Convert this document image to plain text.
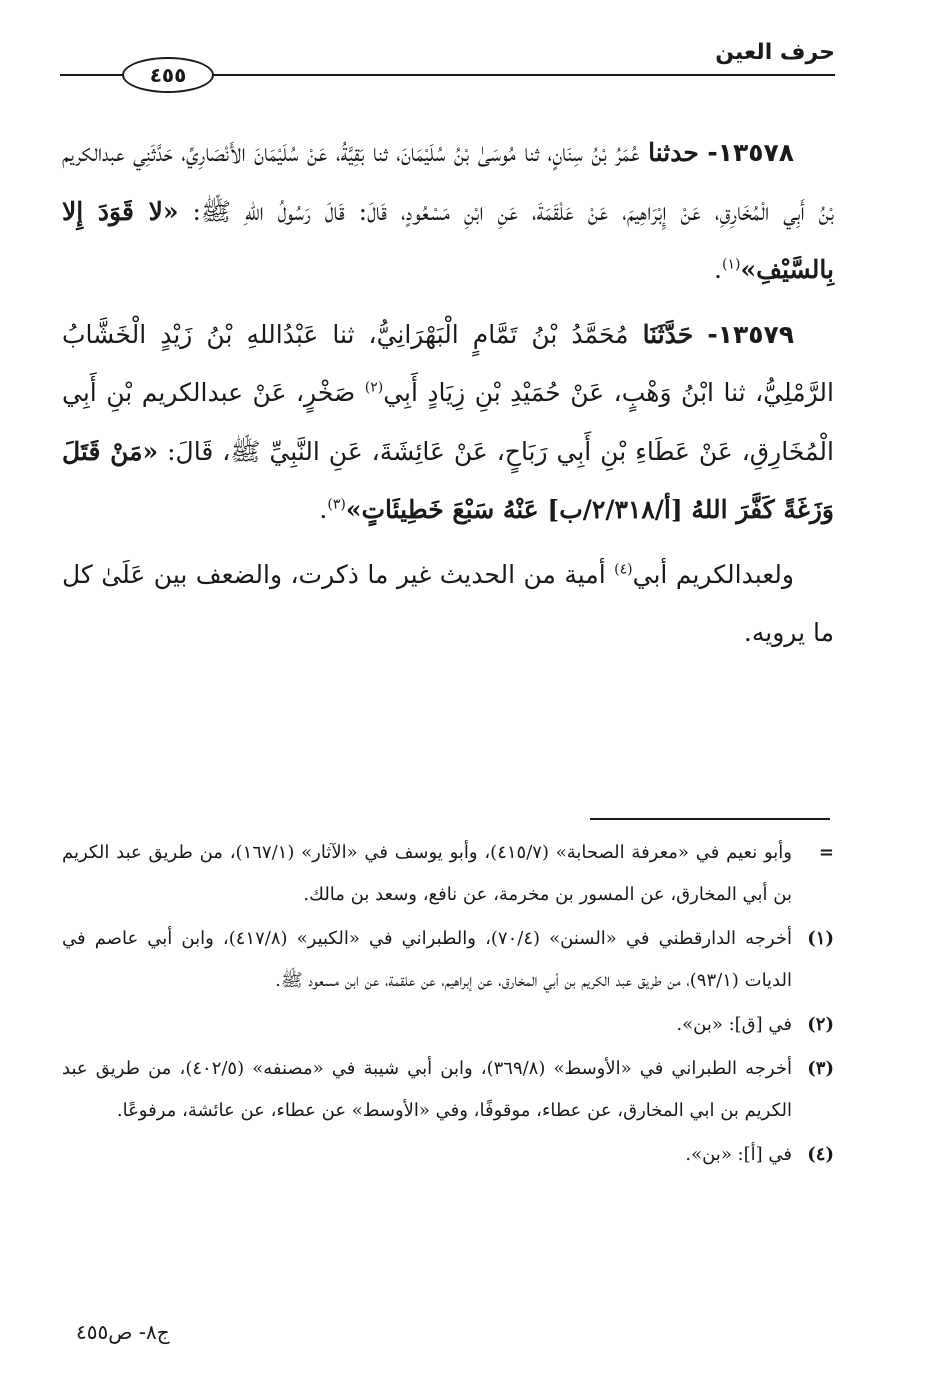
حرف العين
٤٥٥

١٣٥٧٨- حدثنا عُمَرُ بْنُ سِنَانٍ، ثنا مُوسَىٰ بْنُ سُلَيْمَانَ، ثنا بَقِيَّةُ، عَنْ سُلَيْمَانَ الأَنْصَارِيِّ، حَدَّثَنِي عبدالكريم بْنُ أَبِي الْمُخَارِقِ، عَنْ إِبْرَاهِيمَ، عَنْ عَلْقَمَةَ، عَنِ ابْنِ مَسْعُودٍ، قَالَ: قَالَ رَسُولُ اللهِ ﷺ: «لا قَوَدَ إِلا بِالسَّيْفِ»$^{(١)}$.

١٣٥٧٩- حَدَّثَنَا مُحَمَّدُ بْنُ تَمَّامٍ الْبَهْرَانِيُّ، ثنا عَبْدُاللهِ بْنُ زَيْدٍ الْخَشَّابُ الرَّمْلِيُّ، ثنا ابْنُ وَهْبٍ، عَنْ حُمَيْدِ بْنِ زِيَادٍ أَبِي$^{(٢)}$ صَخْرٍ، عَنْ عبدالكريم بْنِ أَبِي الْمُخَارِقِ، عَنْ عَطَاءِ بْنِ أَبِي رَبَاحٍ، عَنْ عَائِشَةَ، عَنِ النَّبِيِّ ﷺ، قَالَ: «مَنْ قَتَلَ وَزَغَةً كَفَّرَ اللهُ [أ/٢/٣١٨/ب] عَنْهُ سَبْعَ خَطِيئَاتٍ»$^{(٣)}$.

ولعبدالكريم أبي$^{(٤)}$ أمية من الحديث غير ما ذكرت، والضعف بين عَلَىٰ كل ما يرويه.

=
وأبو نعيم في «معرفة الصحابة» (٤١٥/٧)، وأبو يوسف في «الآثار» (١٦٧/١)، من طريق عبد الكريم بن أبي المخارق، عن المسور بن مخرمة، عن نافع، وسعد بن مالك.
(١)
أخرجه الدارقطني في «السنن» (٧٠/٤)، والطبراني في «الكبير» (٤١٧/٨)، وابن أبي عاصم في الديات (٩٣/١)، من طريق عبد الكريم بن أبي المخارق، عن إبراهيم، عن علقمة، عن ابن مسعود ﷺ.
(٢)
في [ق]: «بن».
(٣)
أخرجه الطبراني في «الأوسط» (٣٦٩/٨)، وابن أبي شيبة في «مصنفه» (٤٠٢/٥)، من طريق عبد الكريم بن ابي المخارق، عن عطاء، موقوفًا، وفي «الأوسط» عن عطاء، عن عائشة، مرفوعًا.
(٤)
في [أ]: «بن».
ج٨- ص٤٥٥
